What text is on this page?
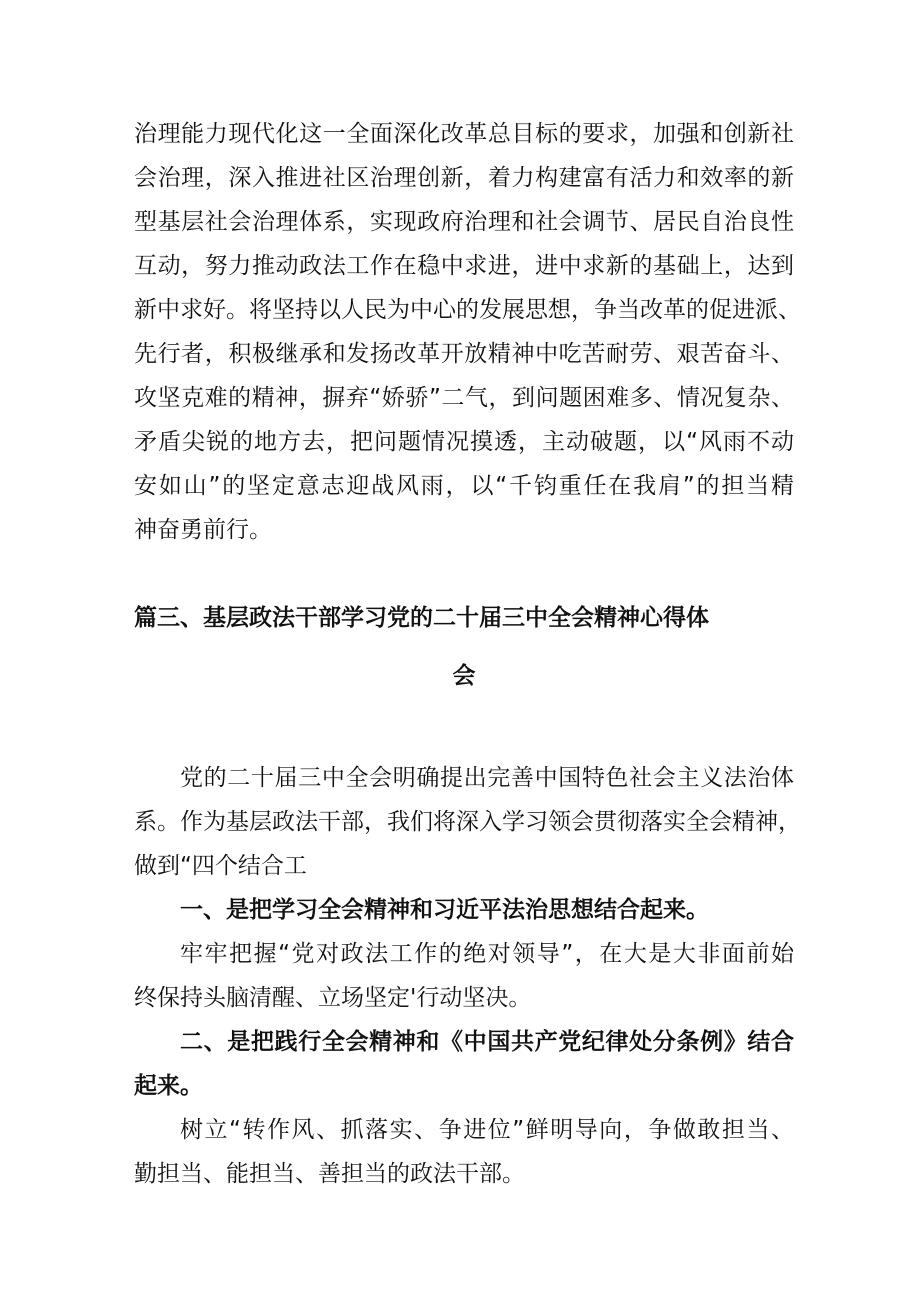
治理能力现代化这一全面深化改革总目标的要求，加强和创新社
会治理，深入推进社区治理创新，着力构建富有活力和效率的新
型基层社会治理体系，实现政府治理和社会调节、居民自治良性
互动，努力推动政法工作在稳中求进，进中求新的基础上，达到
新中求好。将坚持以人民为中心的发展思想，争当改革的促进派、
先行者，积极继承和发扬改革开放精神中吃苦耐劳、艰苦奋斗、
攻坚克难的精神，摒弃“娇骄”二气，到问题困难多、情况复杂、
矛盾尖锐的地方去，把问题情况摸透，主动破题，以“风雨不动
安如山”的坚定意志迎战风雨，以“千钧重任在我肩”的担当精
神奋勇前行。
篇三、基层政法干部学习党的二十届三中全会精神心得体
会
党的二十届三中全会明确提出完善中国特色社会主义法治体
系。作为基层政法干部，我们将深入学习领会贯彻落实全会精神，
做到“四个结合工
一、是把学习全会精神和习近平法治思想结合起来。
牢牢把握“党对政法工作的绝对领导”，在大是大非面前始
终保持头脑清醒、立场坚定'行动坚决。
二、是把践行全会精神和《中国共产党纪律处分条例》结合
起来。
树立“转作风、抓落实、争进位”鲜明导向，争做敢担当、
勤担当、能担当、善担当的政法干部。
